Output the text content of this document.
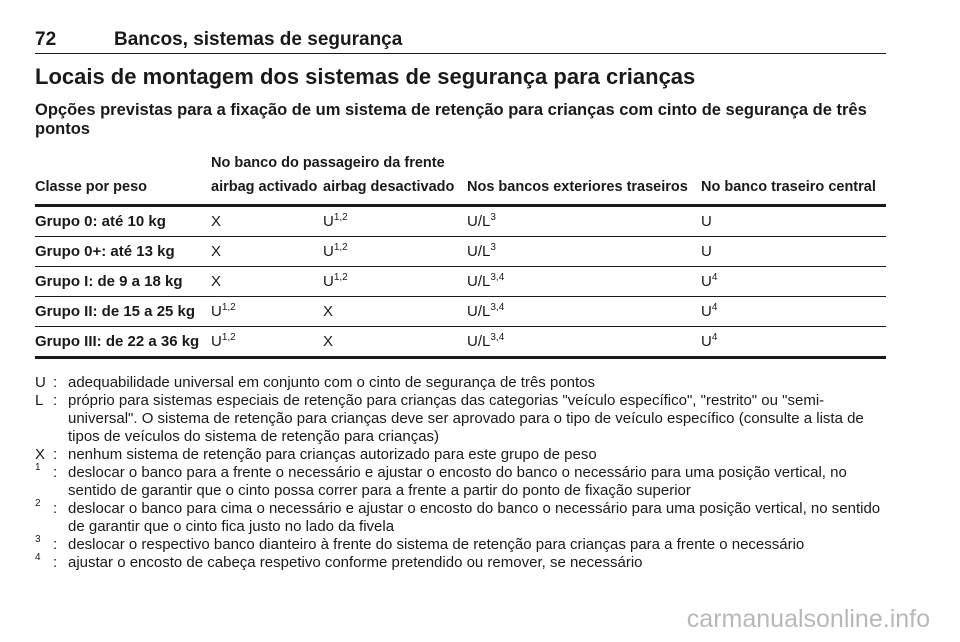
72	Bancos, sistemas de segurança
Locais de montagem dos sistemas de segurança para crianças
Opções previstas para a fixação de um sistema de retenção para crianças com cinto de segurança de três pontos
	No banco do passageiro da frente			
Classe por peso	airbag activado	airbag desactivado	Nos bancos exteriores traseiros	No banco traseiro central
Grupo 0: até 10 kg	X	U$^{1,2}$	$U/L^3$	U
Grupo 0+: até 13 kg	X	U$^{1,2}$	$U/L^3$	U
Grupo I: de 9 a 18 kg	X	U$^{1,2}$	$U/L^{3,4}$	$U^4$
Grupo II: de 15 a 25 kg	U$^{1,2}$	X	$U/L^{3,4}$	$U^4$
Grupo III: de 22 a 36 kg	U$^{1,2}$	X	$U/L^{3,4}$	$U^4$
U : adequabilidade universal em conjunto com o cinto de segurança de três pontos
L : próprio para sistemas especiais de retenção para crianças das categorias "veículo específico", "restrito" ou "semi-universal". O sistema de retenção para crianças deve ser aprovado para o tipo de veículo específico (consulte a lista de tipos de veículos do sistema de retenção para crianças)
X : nenhum sistema de retenção para crianças autorizado para este grupo de peso
$^1$ : deslocar o banco para a frente o necessário e ajustar o encosto do banco o necessário para uma posição vertical, no sentido de garantir que o cinto possa correr para a frente a partir do ponto de fixação superior
$^2$ : deslocar o banco para cima o necessário e ajustar o encosto do banco o necessário para uma posição vertical, no sentido de garantir que o cinto fica justo no lado da fivela
$^3$ : deslocar o respectivo banco dianteiro à frente do sistema de retenção para crianças para a frente o necessário
$^4$ : ajustar o encosto de cabeça respetivo conforme pretendido ou remover, se necessário
carmanualsonline.info
